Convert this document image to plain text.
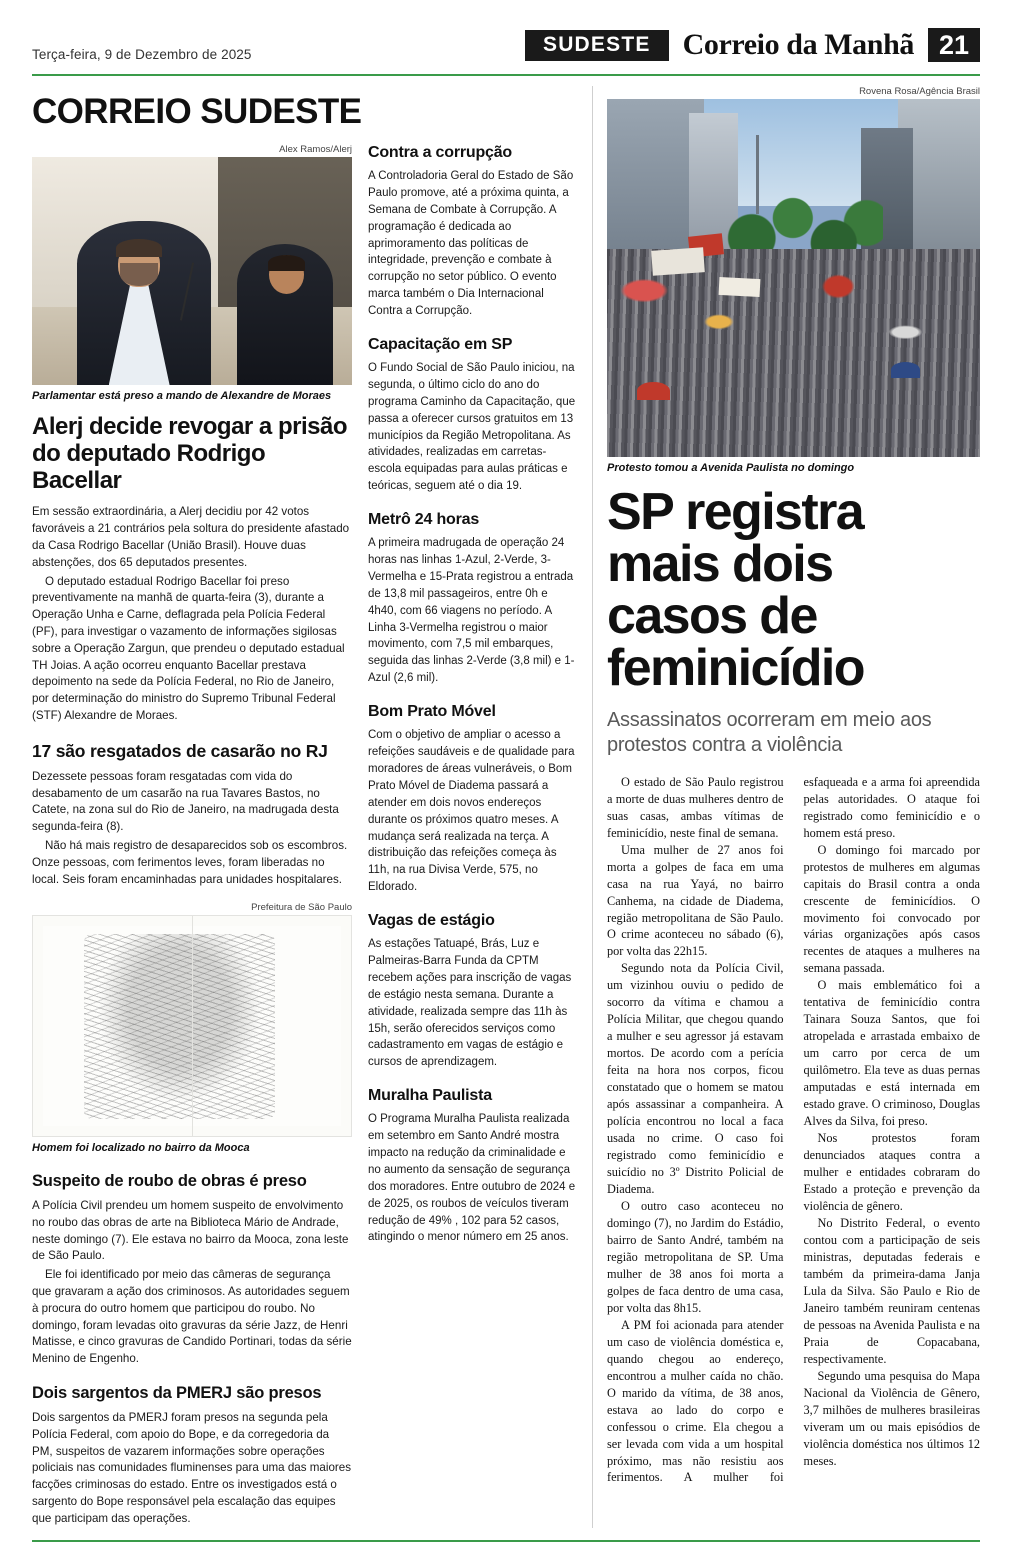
Terça-feira, 9 de Dezembro de 2025	SUDESTE	Correio da Manhã 21
CORREIO SUDESTE
Alex Ramos/Alerj
Parlamentar está preso a mando de Alexandre de Moraes
Alerj decide revogar a prisão do deputado Rodrigo Bacellar

Em sessão extraordinária, a Alerj decidiu por 42 votos favoráveis a 21 contrários pela soltura do presidente afastado da Casa Rodrigo Bacellar (União Brasil). Houve duas abstenções, dos 65 deputados presentes.

O deputado estadual Rodrigo Bacellar foi preso preventivamente na manhã de quarta-feira (3), durante a Operação Unha e Carne, deflagrada pela Polícia Federal (PF), para investigar o vazamento de informações sigilosas sobre a Operação Zargun, que prendeu o deputado estadual TH Joias. A ação ocorreu enquanto Bacellar prestava depoimento na sede da Polícia Federal, no Rio de Janeiro, por determinação do ministro do Supremo Tribunal Federal (STF) Alexandre de Moraes.

17 são resgatados de casarão no RJ

Dezessete pessoas foram resgatadas com vida do desabamento de um casarão na rua Tavares Bastos, no Catete, na zona sul do Rio de Janeiro, na madrugada desta segunda-feira (8).

Não há mais registro de desaparecidos sob os escombros. Onze pessoas, com ferimentos leves, foram liberadas no local. Seis foram encaminhadas para unidades hospitalares.

Prefeitura de São Paulo
Homem foi localizado no bairro da Mooca
Suspeito de roubo de obras é preso

A Polícia Civil prendeu um homem suspeito de envolvimento no roubo das obras de arte na Biblioteca Mário de Andrade, neste domingo (7). Ele estava no bairro da Mooca, zona leste de São Paulo.

Ele foi identificado por meio das câmeras de segurança que gravaram a ação dos criminosos. As autoridades seguem à procura do outro homem que participou do roubo. No domingo, foram levadas oito gravuras da série Jazz, de Henri Matisse, e cinco gravuras de Candido Portinari, todas da série Menino de Engenho.

Dois sargentos da PMERJ são presos

Dois sargentos da PMERJ foram presos na segunda pela Polícia Federal, com apoio do Bope, e da corregedoria da PM, suspeitos de vazarem informações sobre operações policiais nas comunidades fluminenses para uma das maiores facções criminosas do estado. Entre os investigados está o sargento do Bope responsável pela escalação das equipes que participam das operações.

Contra a corrupção

A Controladoria Geral do Estado de São Paulo promove, até a próxima quinta, a Semana de Combate à Corrupção. A programação é dedicada ao aprimoramento das políticas de integridade, prevenção e combate à corrupção no setor público. O evento marca também o Dia Internacional Contra a Corrupção.

Capacitação em SP

O Fundo Social de São Paulo iniciou, na segunda, o último ciclo do ano do programa Caminho da Capacitação, que passa a oferecer cursos gratuitos em 13 municípios da Região Metropolitana. As atividades, realizadas em carretas-escola equipadas para aulas práticas e teóricas, seguem até o dia 19.

Metrô 24 horas

A primeira madrugada de operação 24 horas nas linhas 1-Azul, 2-Verde, 3-Vermelha e 15-Prata registrou a entrada de 13,8 mil passageiros, entre 0h e 4h40, com 66 viagens no período. A Linha 3-Vermelha registrou o maior movimento, com 7,5 mil embarques, seguida das linhas 2-Verde (3,8 mil) e 1-Azul (2,6 mil).

Bom Prato Móvel

Com o objetivo de ampliar o acesso a refeições saudáveis e de qualidade para moradores de áreas vulneráveis, o Bom Prato Móvel de Diadema passará a atender em dois novos endereços durante os próximos quatro meses. A mudança será realizada na terça. A distribuição das refeições começa às 11h, na rua Divisa Verde, 575, no Eldorado.

Vagas de estágio

As estações Tatuapé, Brás, Luz e Palmeiras-Barra Funda da CPTM recebem ações para inscrição de vagas de estágio nesta semana. Durante a atividade, realizada sempre das 11h às 15h, serão oferecidos serviços como cadastramento em vagas de estágio e cursos de aprendizagem.

Muralha Paulista

O Programa Muralha Paulista realizada em setembro em Santo André mostra impacto na redução da criminalidade e no aumento da sensação de segurança dos moradores. Entre outubro de 2024 e de 2025, os roubos de veículos tiveram redução de 49% , 102 para 52 casos, atingindo o menor número em 25 anos.

Rovena Rosa/Agência Brasil
Protesto tomou a Avenida Paulista no domingo
SP registra mais dois casos de feminicídio
Assassinatos ocorreram em meio aos protestos contra a violência

O estado de São Paulo registrou a morte de duas mulheres dentro de suas casas, ambas vítimas de feminicídio, neste final de semana.

Uma mulher de 27 anos foi morta a golpes de faca em uma casa na rua Yayá, no bairro Canhema, na cidade de Diadema, região metropolitana de São Paulo. O crime aconteceu no sábado (6), por volta das 22h15.

Segundo nota da Polícia Civil, um vizinhou ouviu o pedido de socorro da vítima e chamou a Polícia Militar, que chegou quando a mulher e seu agressor já estavam mortos. De acordo com a perícia feita na hora nos corpos, ficou constatado que o homem se matou após assassinar a companheira. A polícia encontrou no local a faca usada no crime. O caso foi registrado como feminicídio e suicídio no 3º Distrito Policial de Diadema.

O outro caso aconteceu no domingo (7), no Jardim do Estádio, bairro de Santo André, também na região metropolitana de SP. Uma mulher de 38 anos foi morta a golpes de faca dentro de uma casa, por volta das 8h15.

A PM foi acionada para atender um caso de violência doméstica e, quando chegou ao endereço, encontrou a mulher caída no chão. O marido da vítima, de 38 anos, estava ao lado do corpo e confessou o crime. Ela chegou a ser levada com vida a um hospital próximo, mas não resistiu aos ferimentos. A mulher foi esfaqueada e a arma foi apreendida pelas autoridades. O ataque foi registrado como feminicídio e o homem está preso.

O domingo foi marcado por protestos de mulheres em algumas capitais do Brasil contra a onda crescente de feminicídios. O movimento foi convocado por várias organizações após casos recentes de ataques a mulheres na semana passada.

O mais emblemático foi a tentativa de feminicídio contra Tainara Souza Santos, que foi atropelada e arrastada embaixo de um carro por cerca de um quilômetro. Ela teve as duas pernas amputadas e está internada em estado grave. O criminoso, Douglas Alves da Silva, foi preso.

Nos protestos foram denunciados ataques contra a mulher e entidades cobraram do Estado a proteção e prevenção da violência de gênero.

No Distrito Federal, o evento contou com a participação de seis ministras, deputadas federais e também da primeira-dama Janja Lula da Silva. São Paulo e Rio de Janeiro também reuniram centenas de pessoas na Avenida Paulista e na Praia de Copacabana, respectivamente.

Segundo uma pesquisa do Mapa Nacional da Violência de Gênero, 3,7 milhões de mulheres brasileiras viveram um ou mais episódios de violência doméstica nos últimos 12 meses.
